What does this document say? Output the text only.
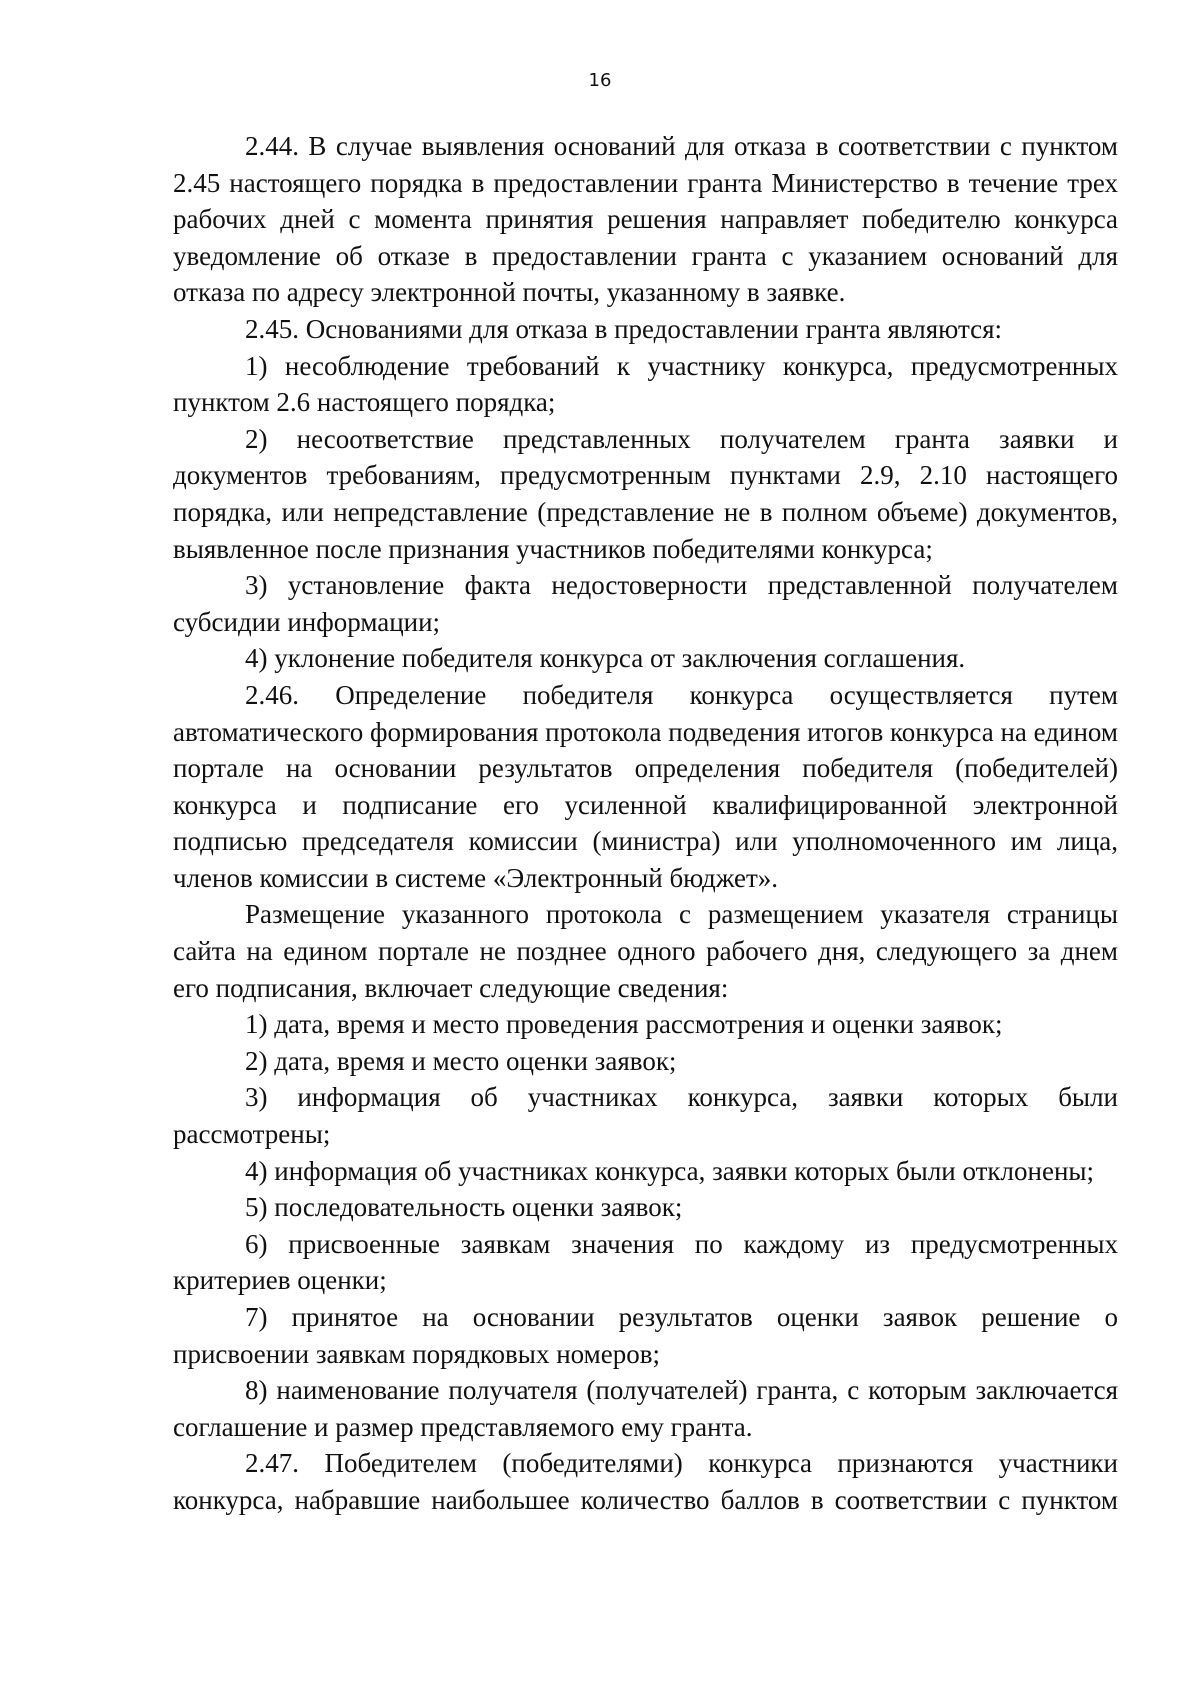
16

2.44. В случае выявления оснований для отказа в соответствии с пунктом 2.45 настоящего порядка в предоставлении гранта Министерство в течение трех рабочих дней с момента принятия решения направляет победителю конкурса уведомление об отказе в предоставлении гранта с указанием оснований для отказа по адресу электронной почты, указанному в заявке.

2.45. Основаниями для отказа в предоставлении гранта являются:

1) несоблюдение требований к участнику конкурса, предусмотренных пунктом 2.6 настоящего порядка;

2) несоответствие представленных получателем гранта заявки и документов требованиям, предусмотренным пунктами 2.9, 2.10 настоящего порядка, или непредставление (представление не в полном объеме) документов, выявленное после признания участников победителями конкурса;

3) установление факта недостоверности представленной получателем субсидии информации;

4) уклонение победителя конкурса от заключения соглашения.

2.46. Определение победителя конкурса осуществляется путем автоматического формирования протокола подведения итогов конкурса на едином портале на основании результатов определения победителя (победителей) конкурса и подписание его усиленной квалифицированной электронной подписью председателя комиссии (министра) или уполномоченного им лица, членов комиссии в системе «Электронный бюджет».

Размещение указанного протокола с размещением указателя страницы сайта на едином портале не позднее одного рабочего дня, следующего за днем его подписания, включает следующие сведения:

1) дата, время и место проведения рассмотрения и оценки заявок;

2) дата, время и место оценки заявок;

3) информация об участниках конкурса, заявки которых были рассмотрены;

4) информация об участниках конкурса, заявки которых были отклонены;

5) последовательность оценки заявок;

6) присвоенные заявкам значения по каждому из предусмотренных критериев оценки;

7) принятое на основании результатов оценки заявок решение о присвоении заявкам порядковых номеров;

8) наименование получателя (получателей) гранта, с которым заключается соглашение и размер представляемого ему гранта.

2.47. Победителем (победителями) конкурса признаются участники конкурса, набравшие наибольшее количество баллов в соответствии с пунктом
